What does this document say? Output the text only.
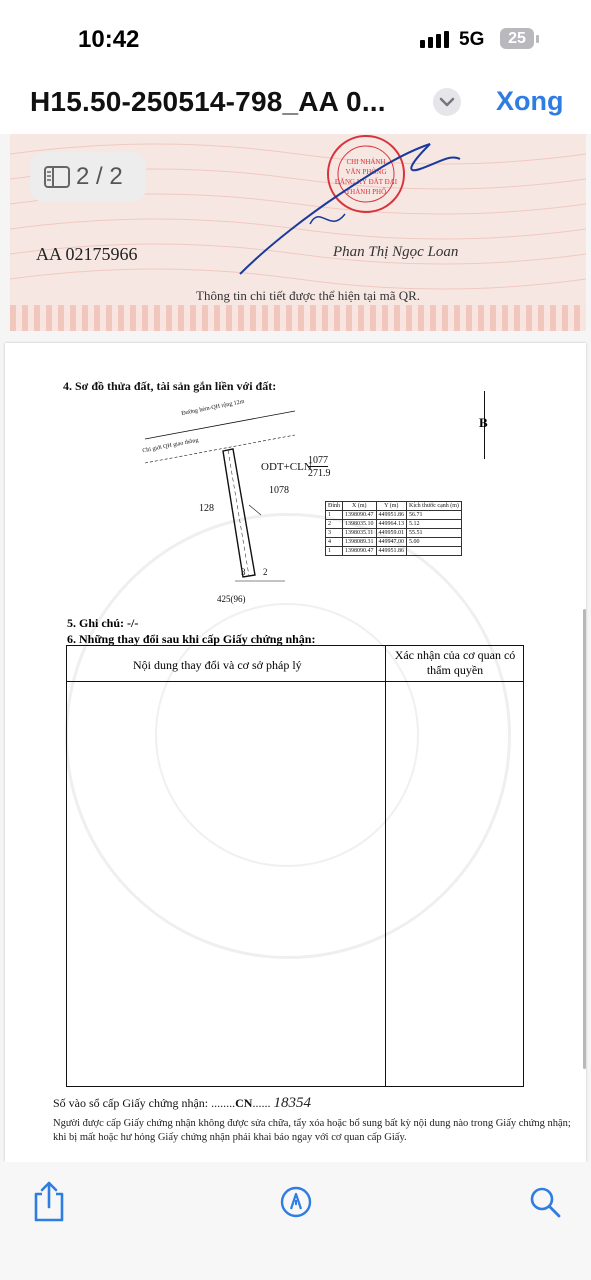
10:42	5G	25
H15.50-250514-798_AA 0...	Xong
CHI NHÁNH
VĂN PHÒNG
ĐĂNG KÝ ĐẤT ĐAI
THÀNH PHỐ
2 / 2
AA 02175966	Phan Thị Ngọc Loan
Thông tin chi tiết được thể hiện tại mã QR.
4. Sơ đồ thửa đất, tài sản gắn liền với đất:
B
Đường hẻm-QH rộng 12m
Chỉ giới QH giao thông
ODT+CLN
1077
271.9
1078
128
425(96)
3 2
Đỉnh	X (m)	Y (m)	Kích thước cạnh (m)
1	1398090.47	449951.86	56.71
2	1398035.10	449964.13	5.12
3	1398035.11	449959.01	55.51
4	1398089.31	449947.00	5.00
1	1398090.47	449951.86	
5. Ghi chú: -/-
6. Những thay đổi sau khi cấp Giấy chứng nhận:
Nội dung thay đổi và cơ sở pháp lý
Xác nhận của cơ quan có thẩm quyền
Số vào sổ cấp Giấy chứng nhận: ........CN...... 18354
Người được cấp Giấy chứng nhận không được sửa chữa, tẩy xóa hoặc bổ sung bất kỳ nội dung nào trong Giấy chứng nhận; khi bị mất hoặc hư hỏng Giấy chứng nhận phải khai báo ngay với cơ quan cấp Giấy.
